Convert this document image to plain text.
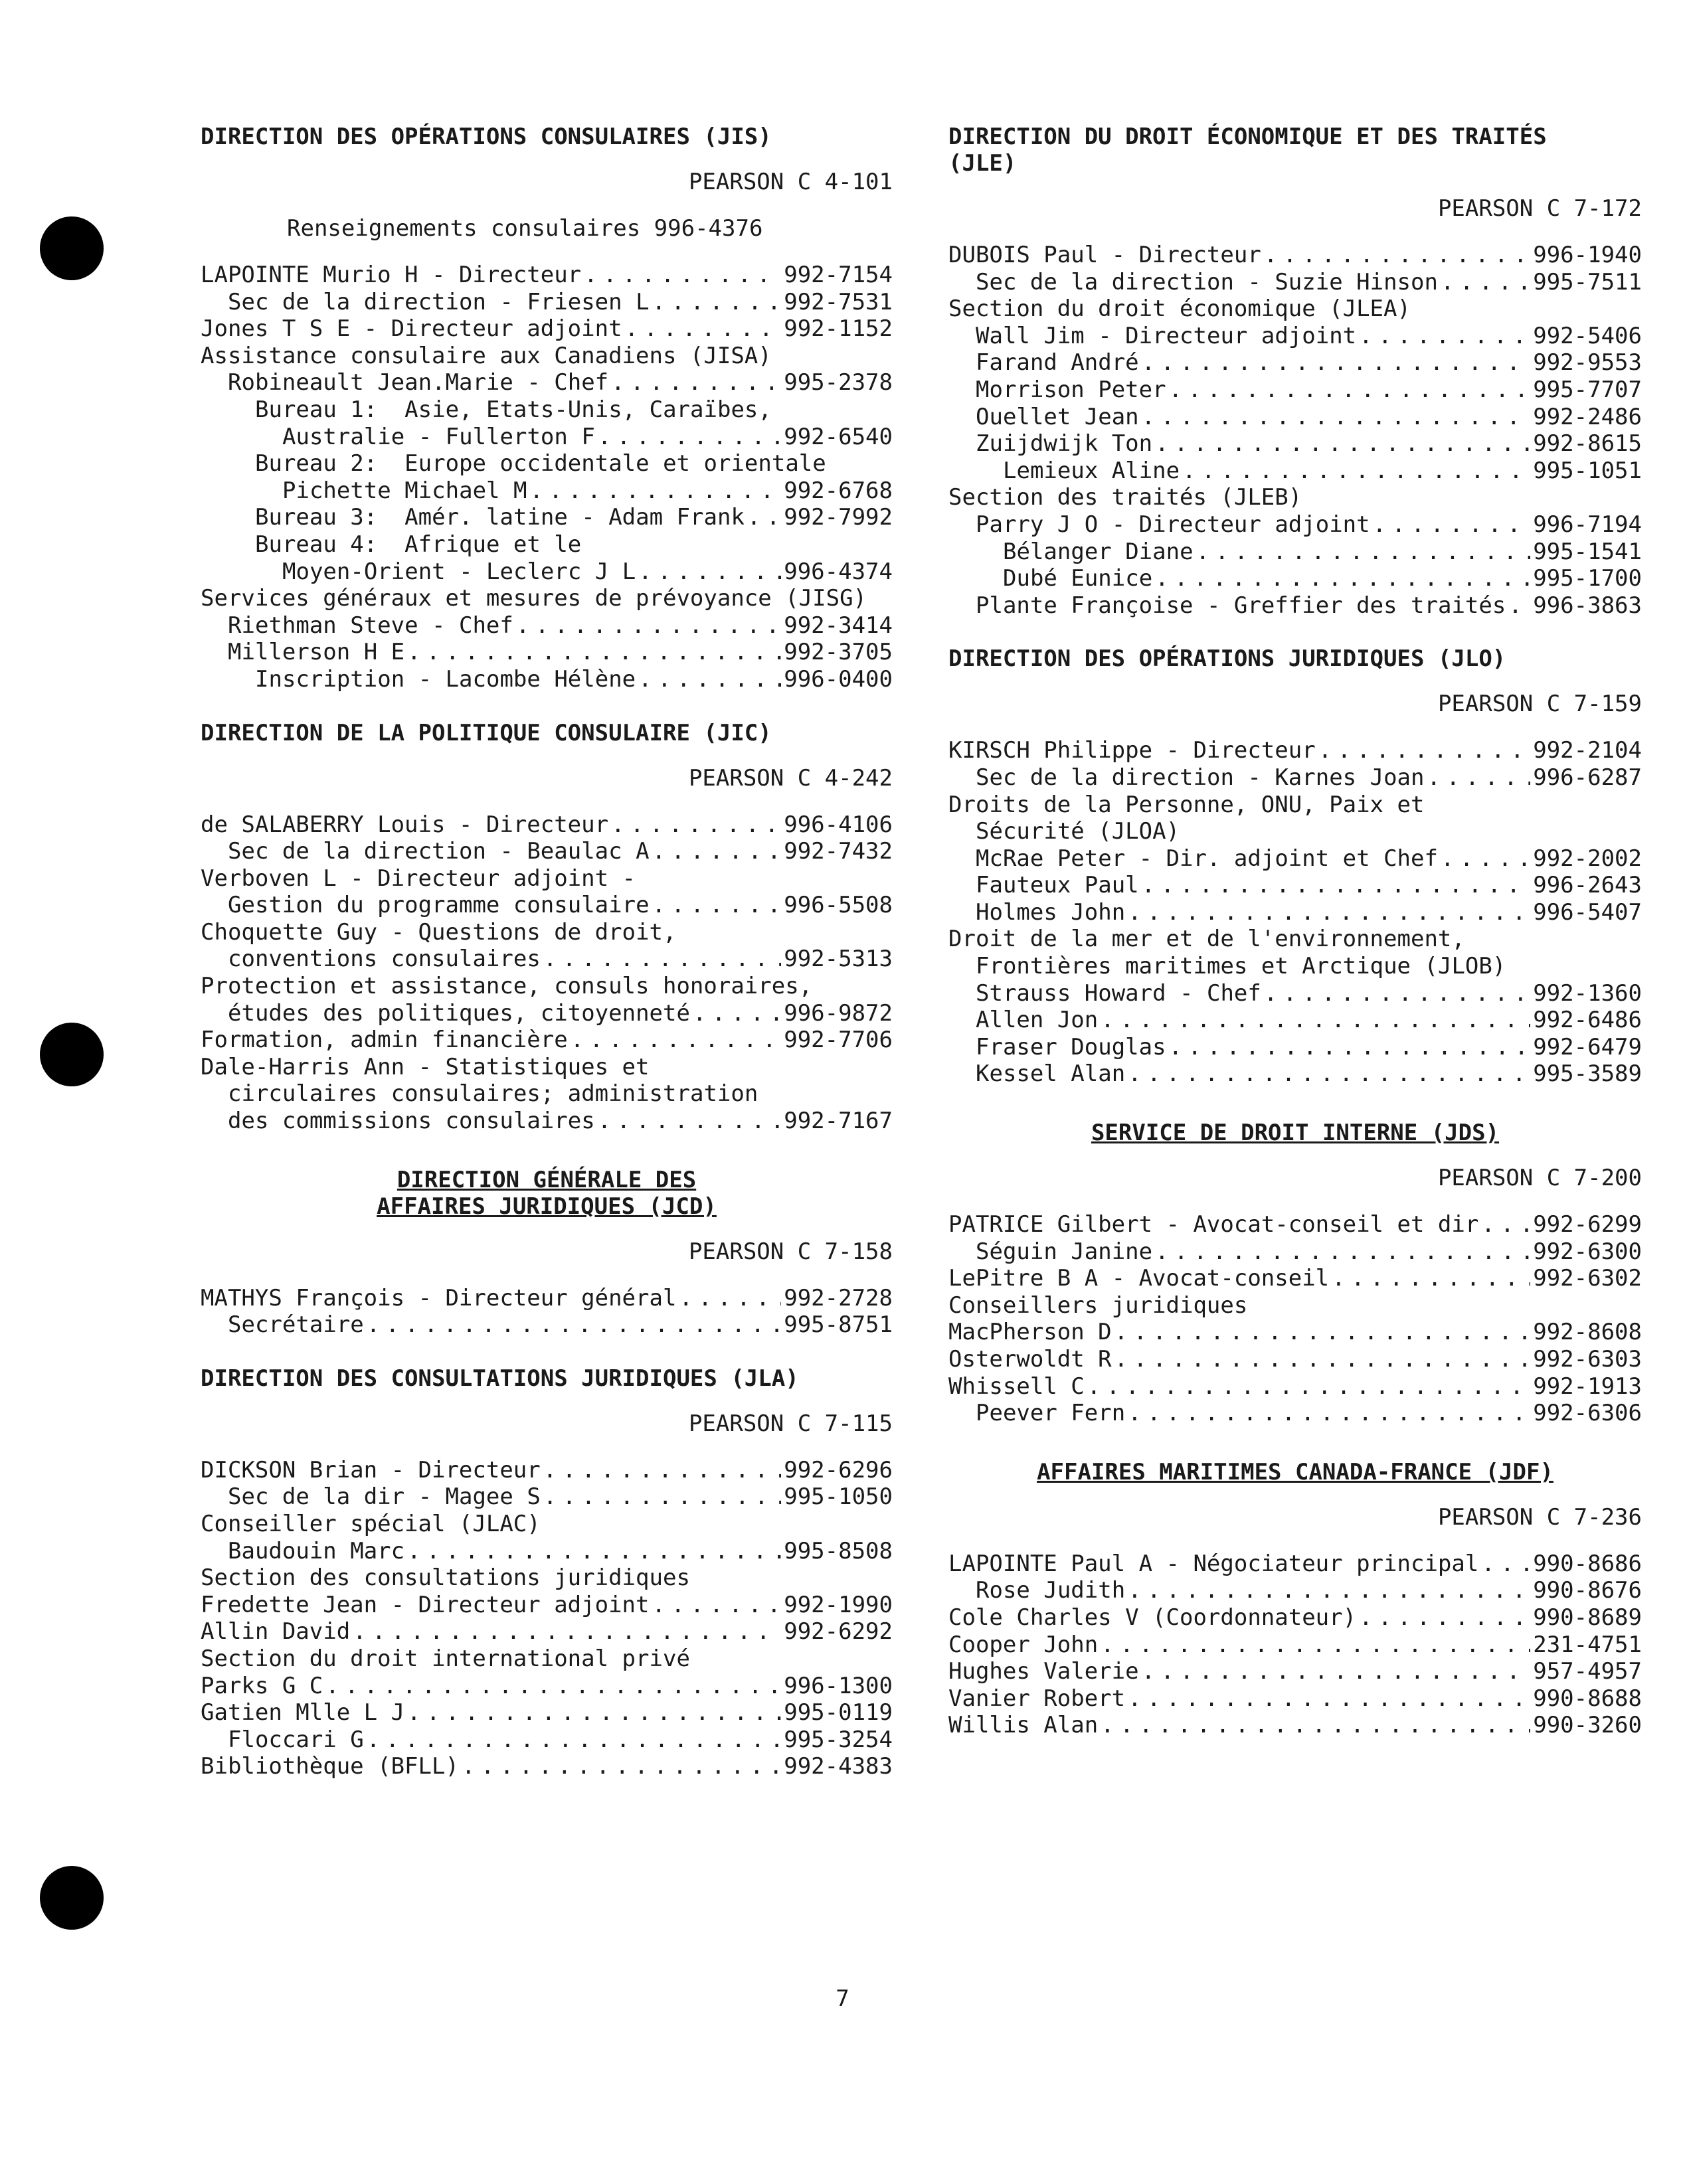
DIRECTION DES OPÉRATIONS CONSULAIRES (JIS)
PEARSON C 4-101
Renseignements consulaires 996-4376
LAPOINTE Murio H - Directeur . . .	992-7154
Sec de la direction - Friesen L . . .	992-7531
Jones T S E - Directeur adjoint . . .	992-1152
Assistance consulaire aux Canadiens (JISA)
Robineault Jean.Marie - Chef . . .	995-2378
Bureau 1:  Asie, Etats-Unis, Caraïbes,
Australie - Fullerton F . . .	992-6540
Bureau 2:  Europe occidentale et orientale
Pichette Michael M . . .	992-6768
Bureau 3:  Amér. latine - Adam Frank . . . 992-7992
Bureau 4:  Afrique et le
Moyen-Orient - Leclerc J L . . .	996-4374
Services généraux et mesures de prévoyance (JISG)
Riethman Steve - Chef . . .	992-3414
Millerson H E . . .	992-3705
Inscription - Lacombe Hélène . . .	996-0400
DIRECTION DE LA POLITIQUE CONSULAIRE (JIC)
PEARSON C 4-242
de SALABERRY Louis - Directeur . . .	996-4106
Sec de la direction - Beaulac A . . .	992-7432
Verboven L - Directeur adjoint -
Gestion du programme consulaire . . .	996-5508
Choquette Guy - Questions de droit,
conventions consulaires . . .	992-5313
Protection et assistance, consuls honoraires,
études des politiques, citoyenneté . . .	996-9872
Formation, admin financière . . .	992-7706
Dale-Harris Ann - Statistiques et
circulaires consulaires; administration
des commissions consulaires . . .	992-7167
DIRECTION GÉNÉRALE DES
AFFAIRES JURIDIQUES (JCD)
PEARSON C 7-158
MATHYS François - Directeur général . . .	992-2728
Secrétaire . . .	995-8751
DIRECTION DES CONSULTATIONS JURIDIQUES (JLA)
PEARSON C 7-115
DICKSON Brian - Directeur . . .	992-6296
Sec de la dir - Magee S . . .	995-1050
Conseiller spécial (JLAC)
Baudouin Marc . . .	995-8508
Section des consultations juridiques
Fredette Jean - Directeur adjoint . . .	992-1990
Allin David . . .	992-6292
Section du droit international privé
Parks G C . . .	996-1300
Gatien Mlle L J . . .	995-0119
Floccari G . . .	995-3254
Bibliothèque (BFLL) . . .	992-4383
DIRECTION DU DROIT ÉCONOMIQUE ET DES TRAITÉS
(JLE)
PEARSON C 7-172
DUBOIS Paul - Directeur . . .	996-1940
Sec de la direction - Suzie Hinson . . .	995-7511
Section du droit économique (JLEA)
Wall Jim - Directeur adjoint . . .	992-5406
Farand André . . .	992-9553
Morrison Peter . . .	995-7707
Ouellet Jean . . .	992-2486
Zuijdwijk Ton . . .	992-8615
Lemieux Aline . . .	995-1051
Section des traités (JLEB)
Parry J O - Directeur adjoint . . .	996-7194
Bélanger Diane . . .	995-1541
Dubé Eunice . . .	995-1700
Plante Françoise - Greffier des traités . . . 996-3863
DIRECTION DES OPÉRATIONS JURIDIQUES (JLO)
PEARSON C 7-159
KIRSCH Philippe - Directeur . . .	992-2104
Sec de la direction - Karnes Joan . . .	996-6287
Droits de la Personne, ONU, Paix et
Sécurité (JLOA)
McRae Peter - Dir. adjoint et Chef . . .	992-2002
Fauteux Paul . . .	996-2643
Holmes John . . .	996-5407
Droit de la mer et de l'environnement,
Frontières maritimes et Arctique (JLOB)
Strauss Howard - Chef . . .	992-1360
Allen Jon . . .	992-6486
Fraser Douglas . . .	992-6479
Kessel Alan . . .	995-3589
SERVICE DE DROIT INTERNE (JDS)
PEARSON C 7-200
PATRICE Gilbert - Avocat-conseil et dir . . . 992-6299
Séguin Janine . . .	992-6300
LePitre B A - Avocat-conseil . . .	992-6302
Conseillers juridiques
MacPherson D . . .	992-8608
Osterwoldt R . . .	992-6303
Whissell C . . .	992-1913
Peever Fern . . .	992-6306
AFFAIRES MARITIMES CANADA-FRANCE (JDF)
PEARSON C 7-236
LAPOINTE Paul A - Négociateur principal . . . 990-8686
Rose Judith . . .	990-8676
Cole Charles V (Coordonnateur) . . .	990-8689
Cooper John . . .	231-4751
Hughes Valerie . . .	957-4957
Vanier Robert . . .	990-8688
Willis Alan . . .	990-3260
7
